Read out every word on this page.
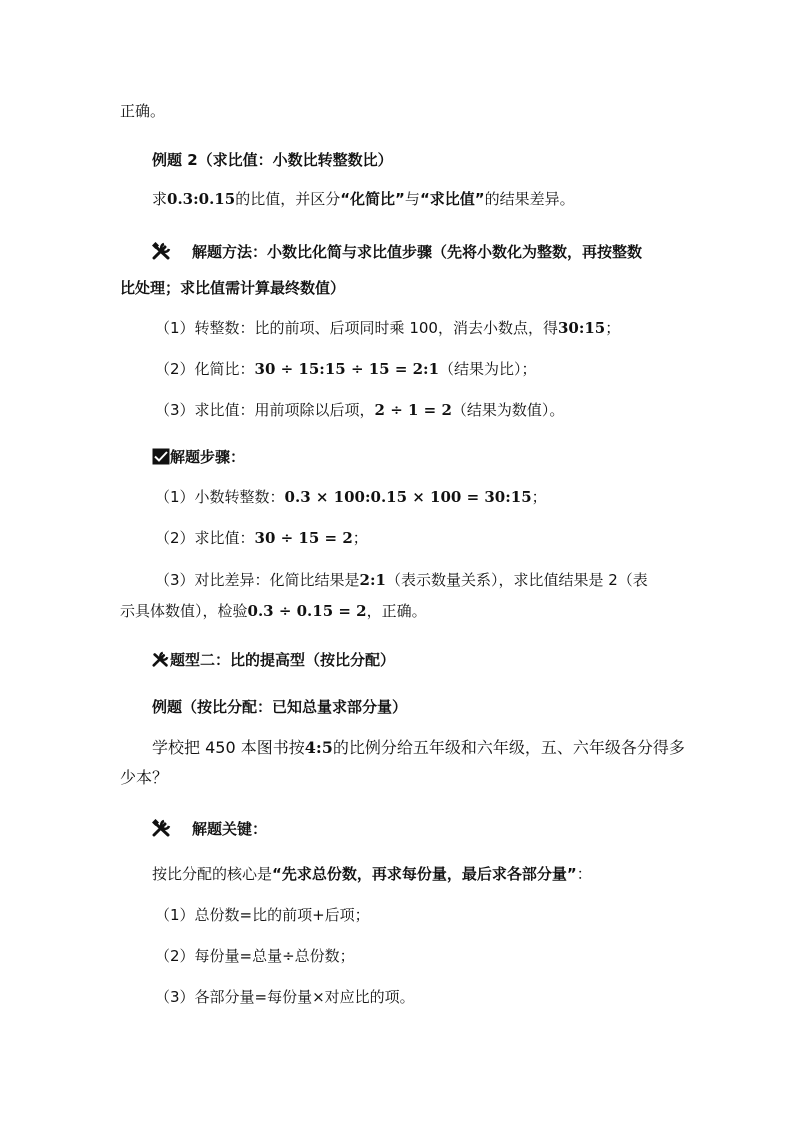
正确。
例题 2（求比值：小数比转整数比）
求0.3:0.15的比值，并区分“化简比”与“求比值”的结果差异。
解题方法：小数比化简与求比值步骤（先将小数化为整数，再按整数
比处理；求比值需计算最终数值）
（1）转整数：比的前项、后项同时乘 100，消去小数点，得30:15；
（2）化简比：30 ÷ 15:15 ÷ 15 = 2:1（结果为比）；
（3）求比值：用前项除以后项，2 ÷ 1 = 2（结果为数值）。
解题步骤：
（1）小数转整数：0.3 × 100:0.15 × 100 = 30:15；
（2）求比值：30 ÷ 15 = 2；
（3）对比差异：化简比结果是2:1（表示数量关系），求比值结果是 2（表
示具体数值），检验0.3 ÷ 0.15 = 2，正确。
题型二：比的提高型（按比分配）
例题（按比分配：已知总量求部分量）
学校把 450 本图书按4:5的比例分给五年级和六年级，五、六年级各分得多
少本？
解题关键：
按比分配的核心是“先求总份数，再求每份量，最后求各部分量”：
（1）总份数=比的前项+后项；
（2）每份量=总量÷总份数；
（3）各部分量=每份量×对应比的项。
